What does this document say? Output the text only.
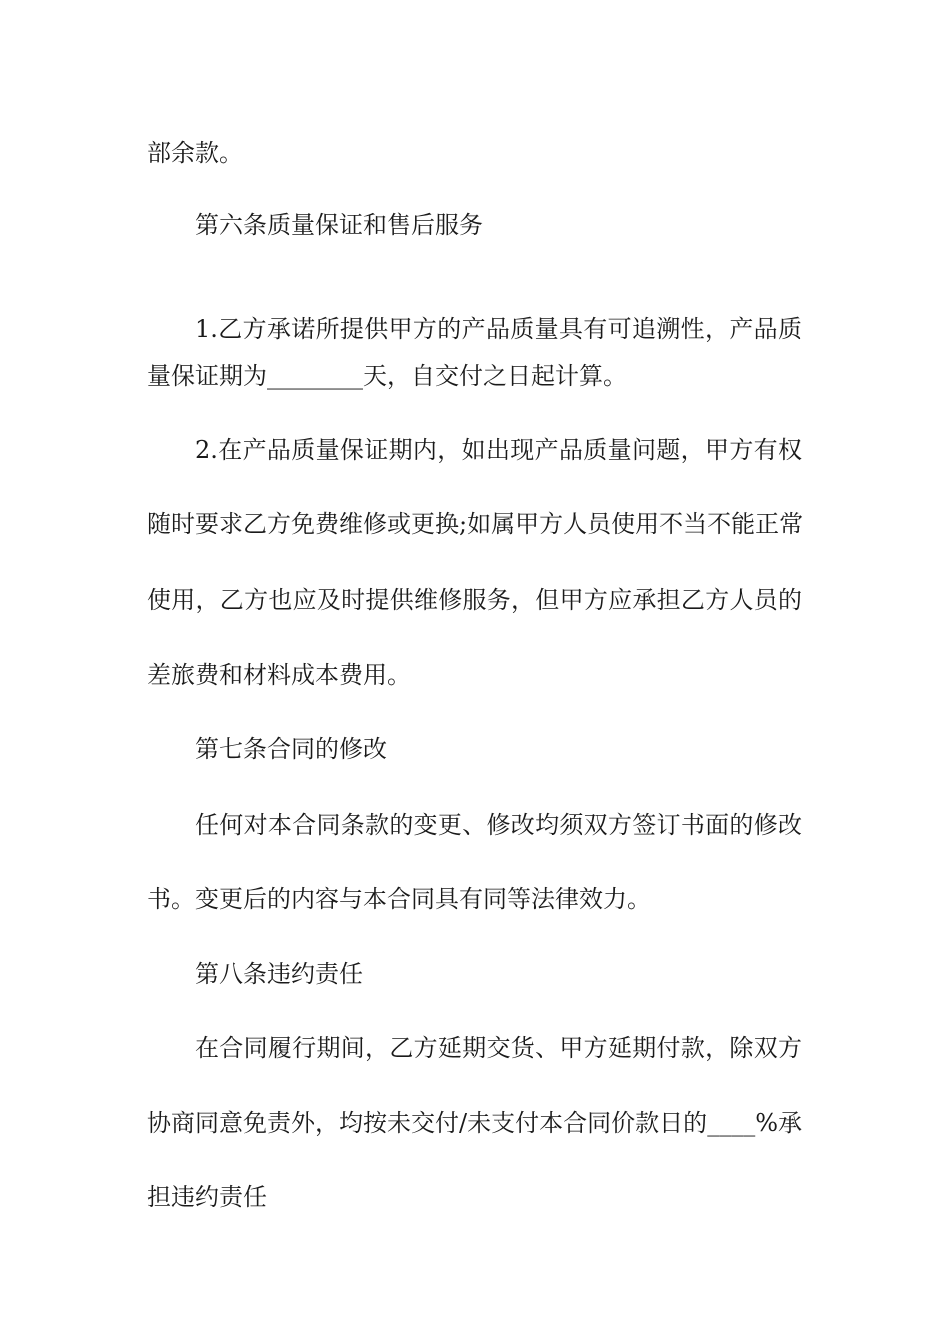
部余款。
第六条质量保证和售后服务
1.乙方承诺所提供甲方的产品质量具有可追溯性，产品质
量保证期为________天，自交付之日起计算。
2.在产品质量保证期内，如出现产品质量问题，甲方有权
随时要求乙方免费维修或更换;如属甲方人员使用不当不能正常
使用，乙方也应及时提供维修服务，但甲方应承担乙方人员的
差旅费和材料成本费用。
第七条合同的修改
任何对本合同条款的变更、修改均须双方签订书面的修改
书。变更后的内容与本合同具有同等法律效力。
第八条违约责任
在合同履行期间，乙方延期交货、甲方延期付款，除双方
协商同意免责外，均按未交付/未支付本合同价款日的____%承
担违约责任
